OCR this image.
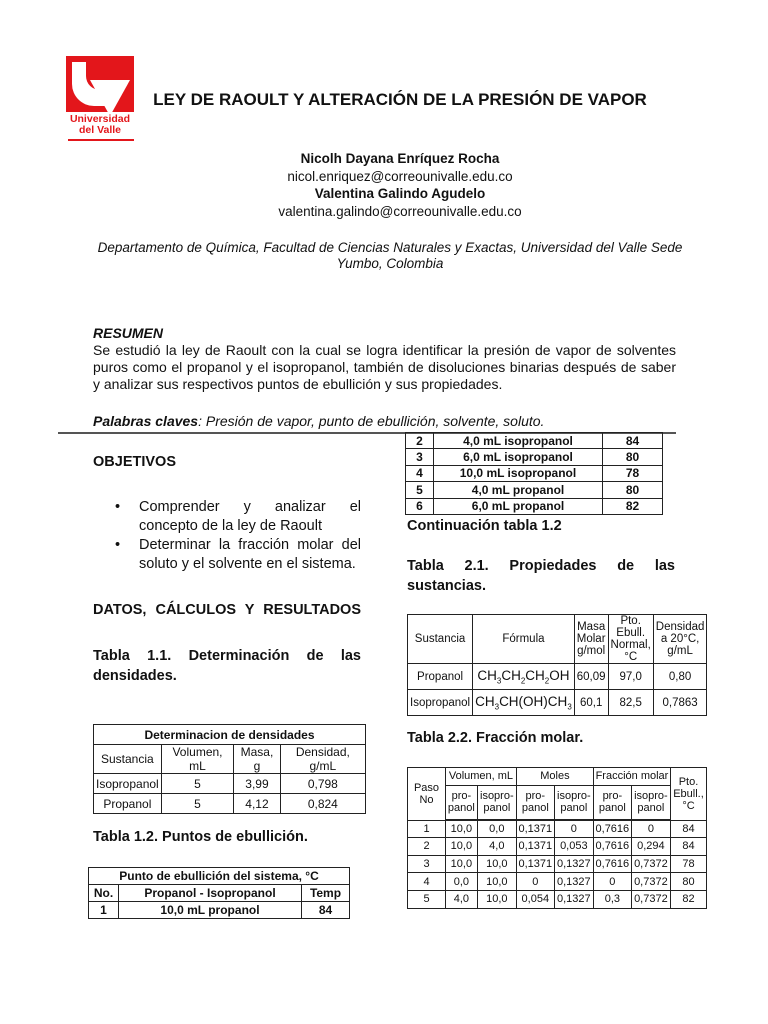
Universidad
del Valle
LEY DE RAOULT Y ALTERACIÓN DE LA PRESIÓN DE VAPOR
Nicolh Dayana Enríquez Rocha
nicol.enriquez@correounivalle.edu.co
Valentina Galindo Agudelo
valentina.galindo@correounivalle.edu.co
Departamento de Química, Facultad de Ciencias Naturales y Exactas, Universidad del Valle Sede Yumbo, Colombia
RESUMEN
Se estudió la ley de Raoult con la cual se logra identificar la presión de vapor de solventes puros como el propanol y el isopropanol, también de disoluciones binarias después de saber y analizar sus respectivos puntos de ebullición y sus propiedades.
Palabras claves: Presión de vapor, punto de ebullición, solvente, soluto.
OBJETIVOS
• Comprender y analizar el concepto de la ley de Raoult
• Determinar la fracción molar del soluto y el solvente en el sistema.
DATOS, CÁLCULOS Y RESULTADOS
Tabla 1.1. Determinación de las densidades.
Determinacion de densidades			
Sustancia	Volumen, mL	Masa, g	Densidad, g/mL
Isopropanol	5	3,99	0,798
Propanol	5	4,12	0,824
Tabla 1.2. Puntos de ebullición.
Punto de ebullición del sistema, °C		
No.	Propanol - Isopropanol	Temp
1	10,0 mL propanol	84
2	4,0 mL isopropanol	84
3	6,0 mL isopropanol	80
4	10,0 mL isopropanol	78
5	4,0 mL propanol	80
6	6,0 mL propanol	82
Continuación tabla 1.2
Tabla 2.1. Propiedades de las sustancias.
Sustancia	Fórmula	Masa Molar g/mol	Pto. Ebull. Normal, °C	Densidad a 20°C, g/mL
Propanol	$CH_3CH_2CH_2OH$	60,09	97,0	0,80
Isopropanol	$CH_3CH(OH)CH_3$	60,1	82,5	0,7863
Tabla 2.2. Fracción molar.
Paso No	Volumen, mL		Moles		Fracción molar		Pto. Ebull., °C
	pro-panol	isopro-panol	pro-panol	isopro-panol	pro-panol	isopro-panol	

1	10,0	0,0	0,1371	0	0,7616	0	84
2	10,0	4,0	0,1371	0,053	0,7616	0,294	84
3	10,0	10,0	0,1371	0,1327	0,7616	0,7372	78
4	0,0	10,0	0	0,1327	0	0,7372	80
5	4,0	10,0	0,054	0,1327	0,3	0,7372	82
